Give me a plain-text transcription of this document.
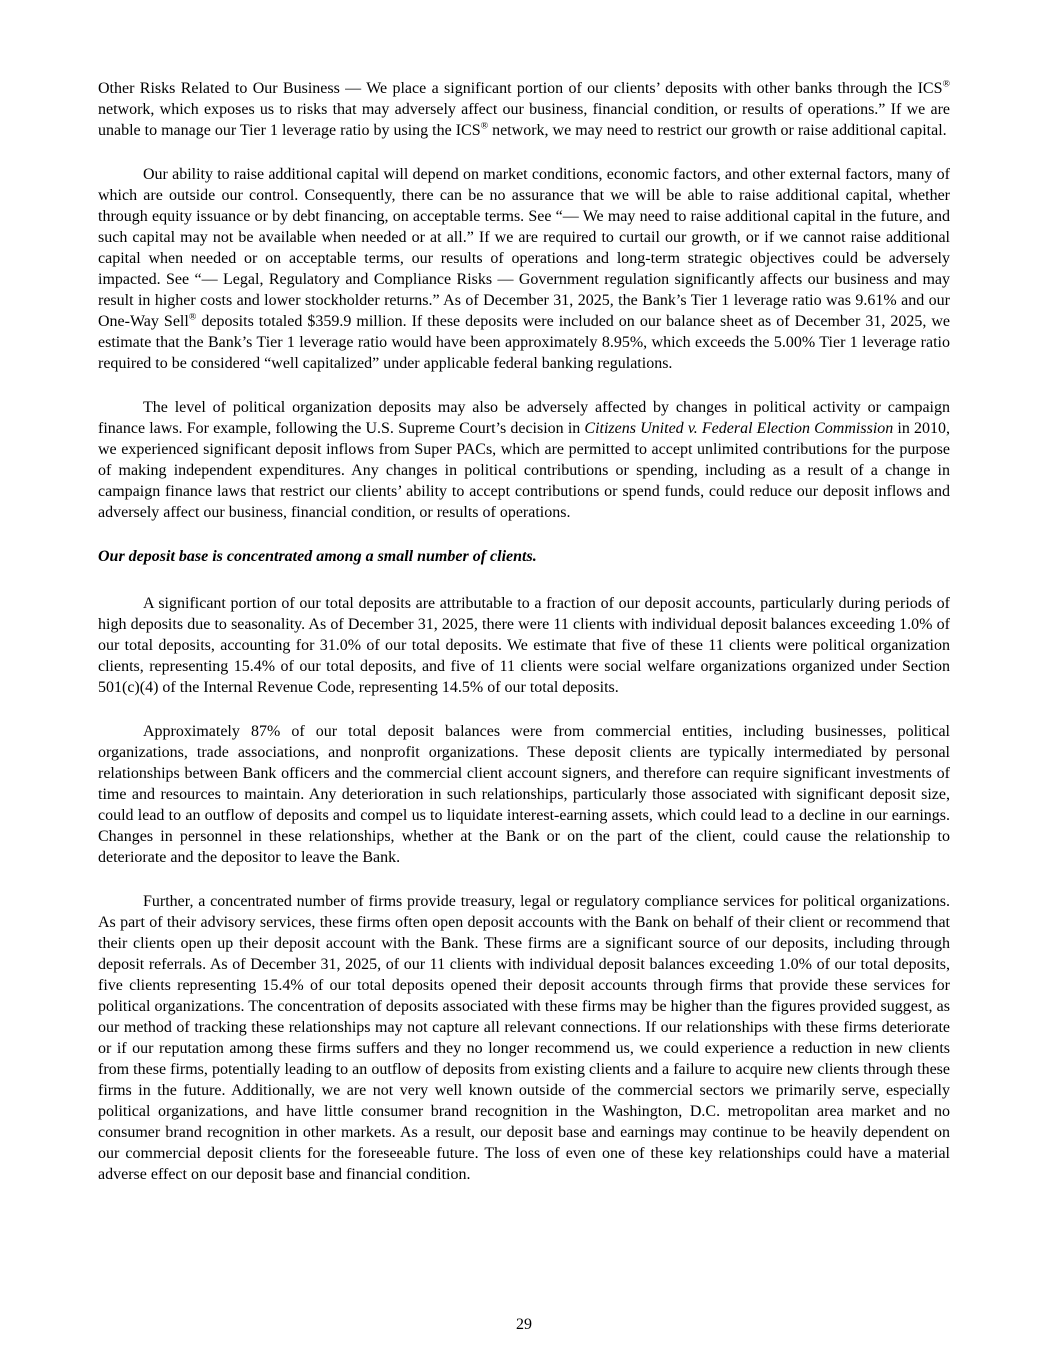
Other Risks Related to Our Business — We place a significant portion of our clients’ deposits with other banks through the ICS® network, which exposes us to risks that may adversely affect our business, financial condition, or results of operations.” If we are unable to manage our Tier 1 leverage ratio by using the ICS® network, we may need to restrict our growth or raise additional capital.

Our ability to raise additional capital will depend on market conditions, economic factors, and other external factors, many of which are outside our control. Consequently, there can be no assurance that we will be able to raise additional capital, whether through equity issuance or by debt financing, on acceptable terms. See “— We may need to raise additional capital in the future, and such capital may not be available when needed or at all.” If we are required to curtail our growth, or if we cannot raise additional capital when needed or on acceptable terms, our results of operations and long-term strategic objectives could be adversely impacted. See “— Legal, Regulatory and Compliance Risks — Government regulation significantly affects our business and may result in higher costs and lower stockholder returns.” As of December 31, 2025, the Bank’s Tier 1 leverage ratio was 9.61% and our One-Way Sell® deposits totaled $359.9 million. If these deposits were included on our balance sheet as of December 31, 2025, we estimate that the Bank’s Tier 1 leverage ratio would have been approximately 8.95%, which exceeds the 5.00% Tier 1 leverage ratio required to be considered “well capitalized” under applicable federal banking regulations.

The level of political organization deposits may also be adversely affected by changes in political activity or campaign finance laws. For example, following the U.S. Supreme Court’s decision in Citizens United v. Federal Election Commission in 2010, we experienced significant deposit inflows from Super PACs, which are permitted to accept unlimited contributions for the purpose of making independent expenditures. Any changes in political contributions or spending, including as a result of a change in campaign finance laws that restrict our clients’ ability to accept contributions or spend funds, could reduce our deposit inflows and adversely affect our business, financial condition, or results of operations.

Our deposit base is concentrated among a small number of clients.

A significant portion of our total deposits are attributable to a fraction of our deposit accounts, particularly during periods of high deposits due to seasonality. As of December 31, 2025, there were 11 clients with individual deposit balances exceeding 1.0% of our total deposits, accounting for 31.0% of our total deposits. We estimate that five of these 11 clients were political organization clients, representing 15.4% of our total deposits, and five of 11 clients were social welfare organizations organized under Section 501(c)(4) of the Internal Revenue Code, representing 14.5% of our total deposits.

Approximately 87% of our total deposit balances were from commercial entities, including businesses, political organizations, trade associations, and nonprofit organizations. These deposit clients are typically intermediated by personal relationships between Bank officers and the commercial client account signers, and therefore can require significant investments of time and resources to maintain. Any deterioration in such relationships, particularly those associated with significant deposit size, could lead to an outflow of deposits and compel us to liquidate interest-earning assets, which could lead to a decline in our earnings. Changes in personnel in these relationships, whether at the Bank or on the part of the client, could cause the relationship to deteriorate and the depositor to leave the Bank.

Further, a concentrated number of firms provide treasury, legal or regulatory compliance services for political organizations. As part of their advisory services, these firms often open deposit accounts with the Bank on behalf of their client or recommend that their clients open up their deposit account with the Bank. These firms are a significant source of our deposits, including through deposit referrals. As of December 31, 2025, of our 11 clients with individual deposit balances exceeding 1.0% of our total deposits, five clients representing 15.4% of our total deposits opened their deposit accounts through firms that provide these services for political organizations. The concentration of deposits associated with these firms may be higher than the figures provided suggest, as our method of tracking these relationships may not capture all relevant connections. If our relationships with these firms deteriorate or if our reputation among these firms suffers and they no longer recommend us, we could experience a reduction in new clients from these firms, potentially leading to an outflow of deposits from existing clients and a failure to acquire new clients through these firms in the future. Additionally, we are not very well known outside of the commercial sectors we primarily serve, especially political organizations, and have little consumer brand recognition in the Washington, D.C. metropolitan area market and no consumer brand recognition in other markets. As a result, our deposit base and earnings may continue to be heavily dependent on our commercial deposit clients for the foreseeable future. The loss of even one of these key relationships could have a material adverse effect on our deposit base and financial condition.

29
